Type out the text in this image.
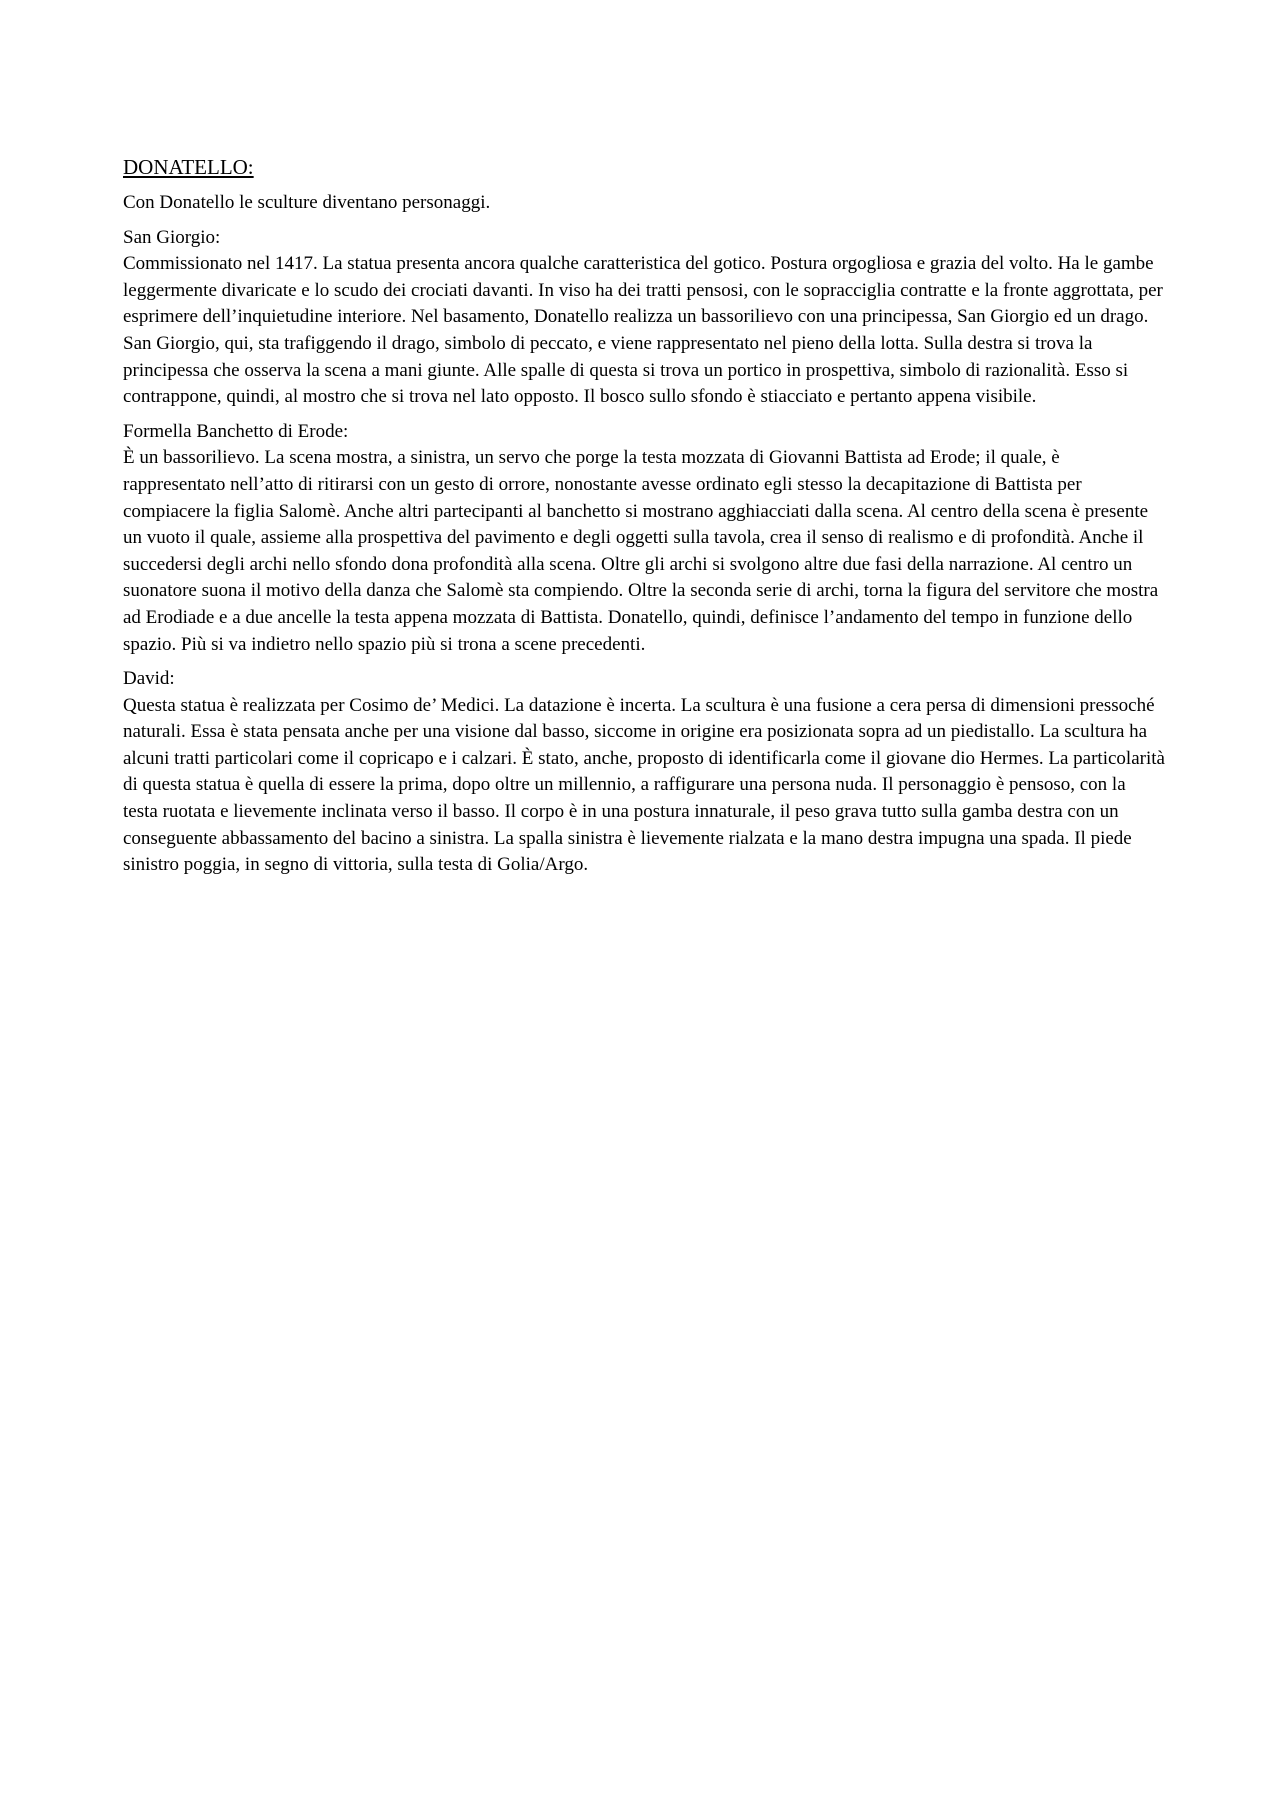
DONATELLO:

Con Donatello le sculture diventano personaggi.

San Giorgio:
Commissionato nel 1417. La statua presenta ancora qualche caratteristica del gotico. Postura orgogliosa e grazia del volto. Ha le gambe leggermente divaricate e lo scudo dei crociati davanti. In viso ha dei tratti pensosi, con le sopracciglia contratte e la fronte aggrottata, per esprimere dell’inquietudine interiore. Nel basamento, Donatello realizza un bassorilievo con una principessa, San Giorgio ed un drago. San Giorgio, qui, sta trafiggendo il drago, simbolo di peccato, e viene rappresentato nel pieno della lotta. Sulla destra si trova la principessa che osserva la scena a mani giunte. Alle spalle di questa si trova un portico in prospettiva, simbolo di razionalità. Esso si contrappone, quindi, al mostro che si trova nel lato opposto. Il bosco sullo sfondo è stiacciato e pertanto appena visibile.
Formella Banchetto di Erode:
È un bassorilievo. La scena mostra, a sinistra, un servo che porge la testa mozzata di Giovanni Battista ad Erode; il quale, è rappresentato nell’atto di ritirarsi con un gesto di orrore, nonostante avesse ordinato egli stesso la decapitazione di Battista per compiacere la figlia Salomè. Anche altri partecipanti al banchetto si mostrano agghiacciati dalla scena. Al centro della scena è presente un vuoto il quale, assieme alla prospettiva del pavimento e degli oggetti sulla tavola, crea il senso di realismo e di profondità. Anche il succedersi degli archi nello sfondo dona profondità alla scena. Oltre gli archi si svolgono altre due fasi della narrazione. Al centro un suonatore suona il motivo della danza che Salomè sta compiendo. Oltre la seconda serie di archi, torna la figura del servitore che mostra ad Erodiade e a due ancelle la testa appena mozzata di Battista. Donatello, quindi, definisce l’andamento del tempo in funzione dello spazio. Più si va indietro nello spazio più si trona a scene precedenti.
David:
Questa statua è realizzata per Cosimo de’ Medici. La datazione è incerta. La scultura è una fusione a cera persa di dimensioni pressoché naturali. Essa è stata pensata anche per una visione dal basso, siccome in origine era posizionata sopra ad un piedistallo. La scultura ha alcuni tratti particolari come il copricapo e i calzari. È stato, anche, proposto di identificarla come il giovane dio Hermes. La particolarità di questa statua è quella di essere la prima, dopo oltre un millennio, a raffigurare una persona nuda. Il personaggio è pensoso, con la testa ruotata e lievemente inclinata verso il basso. Il corpo è in una postura innaturale, il peso grava tutto sulla gamba destra con un conseguente abbassamento del bacino a sinistra. La spalla sinistra è lievemente rialzata e la mano destra impugna una spada. Il piede sinistro poggia, in segno di vittoria, sulla testa di Golia/Argo.
